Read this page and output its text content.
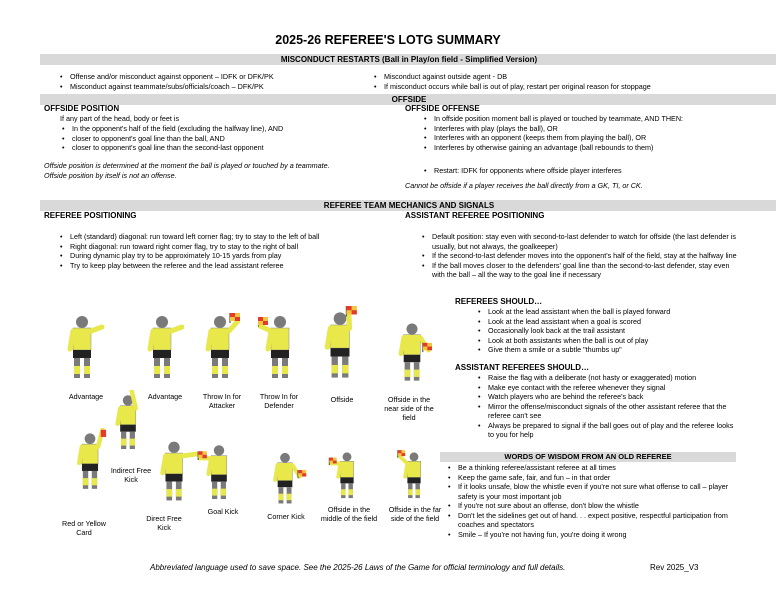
2025-26 REFEREE'S LOTG SUMMARY
MISCONDUCT RESTARTS (Ball in Play/on field - Simplified Version)
• Offense and/or misconduct against opponent – IDFK or DFK/PK
• Misconduct against teammate/subs/officials/coach – DFK/PK
• Misconduct against outside agent - DB
• If misconduct occurs while ball is out of play, restart per original reason for stoppage
OFFSIDE
OFFSIDE POSITION
If any part of the head, body or feet is
• In the opponent's half of the field (excluding the halfway line), AND
• closer to opponent's goal line than the ball, AND
• closer to opponent's goal line than the second-last opponent
Offside position is determined at the moment the ball is played or touched by a teammate. Offside position by itself is not an offense.
OFFSIDE OFFENSE
• In offside position moment ball is played or touched by teammate, AND THEN:
• Interferes with play (plays the ball), OR
• Interferes with an opponent (keeps them from playing the ball), OR
• Interferes by otherwise gaining an advantage (ball rebounds to them)
• Restart: IDFK for opponents where offside player interferes
Cannot be offside if a player receives the ball directly from a GK, TI, or CK.
REFEREE TEAM MECHANICS AND SIGNALS
REFEREE POSITIONING
• Left (standard) diagonal: run toward left corner flag; try to stay to the left of ball
• Right diagonal: run toward right corner flag, try to stay to the right of ball
• During dynamic play try to be approximately 10-15 yards from play
• Try to keep play between the referee and the lead assistant referee
ASSISTANT REFEREE POSITIONING
• Default position: stay even with second-to-last defender to watch for offside (the last defender is usually, but not always, the goalkeeper)
• If the second-to-last defender moves into the opponent's half of the field, stay at the halfway line
• If the ball moves closer to the defenders' goal line than the second-to-last defender, stay even with the ball – all the way to the goal line if necessary
REFEREES SHOULD…
• Look at the lead assistant when the ball is played forward
• Look at the lead assistant when a goal is scored
• Occasionally look back at the trail assistant
• Look at both assistants when the ball is out of play
• Give them a smile or a subtle "thumbs up"
ASSISTANT REFEREES SHOULD…
• Raise the flag with a deliberate (not hasty or exaggerated) motion
• Make eye contact with the referee whenever they signal
• Watch players who are behind the referee's back
• Mirror the offense/misconduct signals of the other assistant referee that the referee can't see
• Always be prepared to signal if the ball goes out of play and the referee looks to you for help
WORDS OF WISDOM FROM AN OLD REFEREE
• Be a thinking referee/assistant referee at all times
• Keep the game safe, fair, and fun – in that order
• If it looks unsafe, blow the whistle even if you're not sure what offense to call – player safety is your most important job
• If you're not sure about an offense, don't blow the whistle
• Don't let the sidelines get out of hand. . . expect positive, respectful participation from coaches and spectators
• Smile – If you're not having fun, you're doing it wrong
Advantage	Advantage	Throw In for Attacker
Throw In for Defender
Offside	Offside in the near side of the field
Red or Yellow Card
Indirect Free Kick
Direct Free Kick
Goal Kick
Corner Kick
Offside in the middle of the field
Offside in the far side of the field
Abbreviated language used to save space. See the 2025-26 Laws of the Game for official terminology and full details.	Rev 2025_V3
